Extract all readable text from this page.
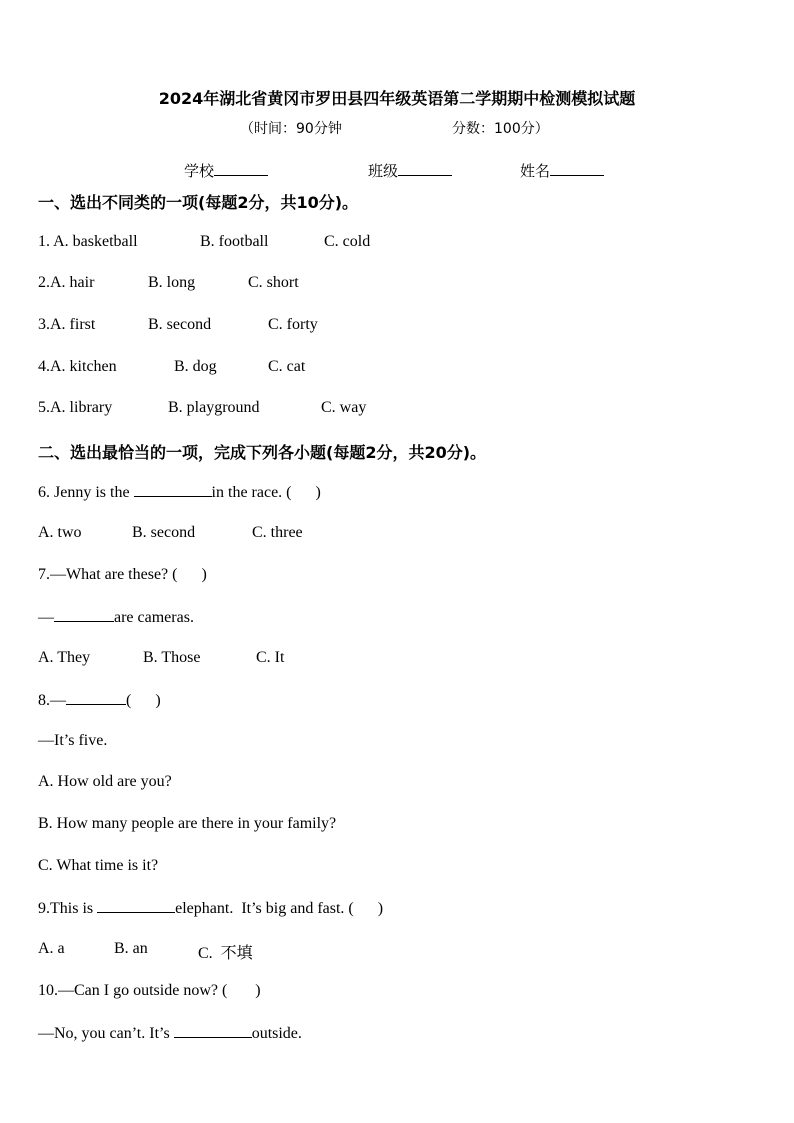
2024年湖北省黄冈市罗田县四年级英语第二学期期中检测模拟试题
（时间：90分钟	分数：100分）
学校	班级	姓名
一、选出不同类的一项(每题2分，共10分)。
1. A. basketball	B. football	C. cold
2.A. hair	B. long	C. short
3.A. first	B. second	C. forty
4.A. kitchen	B. dog	C. cat
5.A. library	B. playground	C. way
二、选出最恰当的一项，完成下列各小题(每题2分，共20分)。
6. Jenny is the	in the race. (      )
A. two	B. second	C. three
7.—What are these? (      )
—	are cameras.
A. They	B. Those	C. It
8.—	(      )
—It’s five.
A. How old are you?
B. How many people are there in your family?
C. What time is it?
9.This is	elephant.  It’s big and fast. (      )
A. a	B. an	C.  不填
10.—Can I go outside now? (       )
—No, you can’t. It’s	outside.
